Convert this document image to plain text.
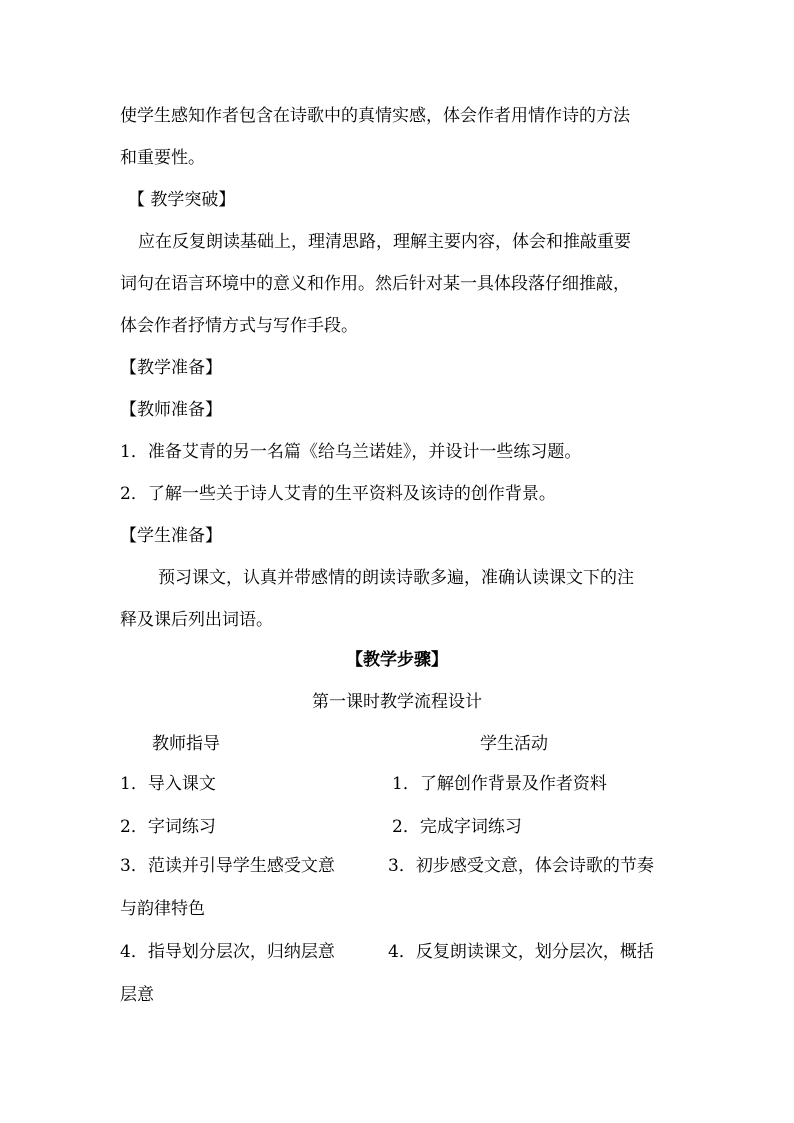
使学生感知作者包含在诗歌中的真情实感，体会作者用情作诗的方法
和重要性。
【 教学突破】
应在反复朗读基础上，理清思路，理解主要内容，体会和推敲重要
词句在语言环境中的意义和作用。然后针对某一具体段落仔细推敲，
体会作者抒情方式与写作手段。
【教学准备】
【教师准备】
1．准备艾青的另一名篇《给乌兰诺娃》，并设计一些练习题。
2．了解一些关于诗人艾青的生平资料及该诗的创作背景。
【学生准备】
预习课文，认真并带感情的朗读诗歌多遍，准确认读课文下的注
释及课后列出词语。
【教学步骤】
第一课时教学流程设计
教师指导	学生活动
1．导入课文	1．了解创作背景及作者资料
2．字词练习	2．完成字词练习
3．范读并引导学生感受文意	3．初步感受文意，体会诗歌的节奏
与韵律特色
4．指导划分层次，归纳层意	4．反复朗读课文，划分层次，概括
层意
